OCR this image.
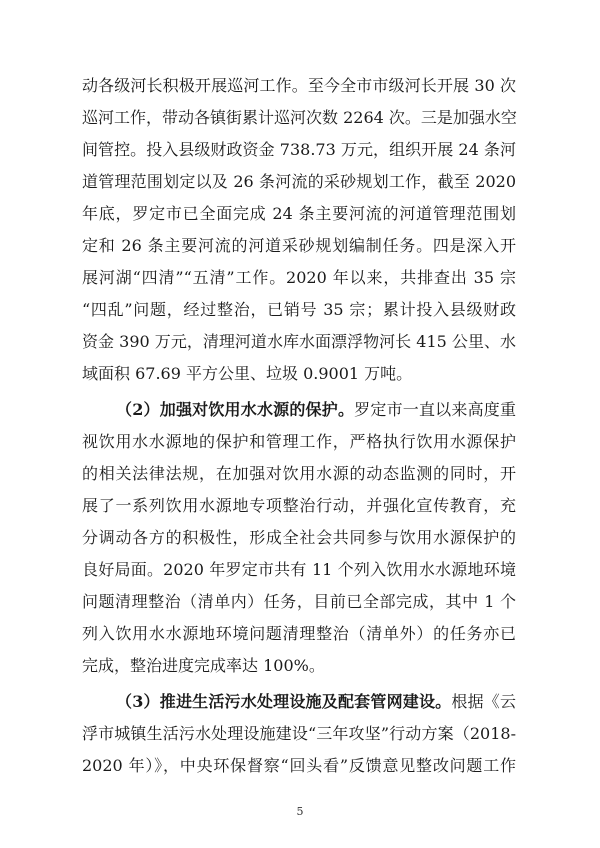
动各级河长积极开展巡河工作。至今全市市级河长开展 30 次
巡河工作，带动各镇街累计巡河次数 2264 次。三是加强水空
间管控。投入县级财政资金 738.73 万元，组织开展 24 条河
道管理范围划定以及 26 条河流的采砂规划工作，截至 2020
年底，罗定市已全面完成 24 条主要河流的河道管理范围划
定和 26 条主要河流的河道采砂规划编制任务。四是深入开
展河湖“四清”“五清”工作。2020 年以来，共排查出 35 宗
“四乱”问题，经过整治，已销号 35 宗；累计投入县级财政
资金 390 万元，清理河道水库水面漂浮物河长 415 公里、水
域面积 67.69 平方公里、垃圾 0.9001 万吨。
（2）加强对饮用水水源的保护。罗定市一直以来高度重
视饮用水水源地的保护和管理工作，严格执行饮用水源保护
的相关法律法规，在加强对饮用水源的动态监测的同时，开
展了一系列饮用水源地专项整治行动，并强化宣传教育，充
分调动各方的积极性，形成全社会共同参与饮用水源保护的
良好局面。2020 年罗定市共有 11 个列入饮用水水源地环境
问题清理整治（清单内）任务，目前已全部完成，其中 1 个
列入饮用水水源地环境问题清理整治（清单外）的任务亦已
完成，整治进度完成率达 100%。
（3）推进生活污水处理设施及配套管网建设。根据《云
浮市城镇生活污水处理设施建设“三年攻坚”行动方案（2018-
2020 年）》，中央环保督察“回头看”反馈意见整改问题工作
5
